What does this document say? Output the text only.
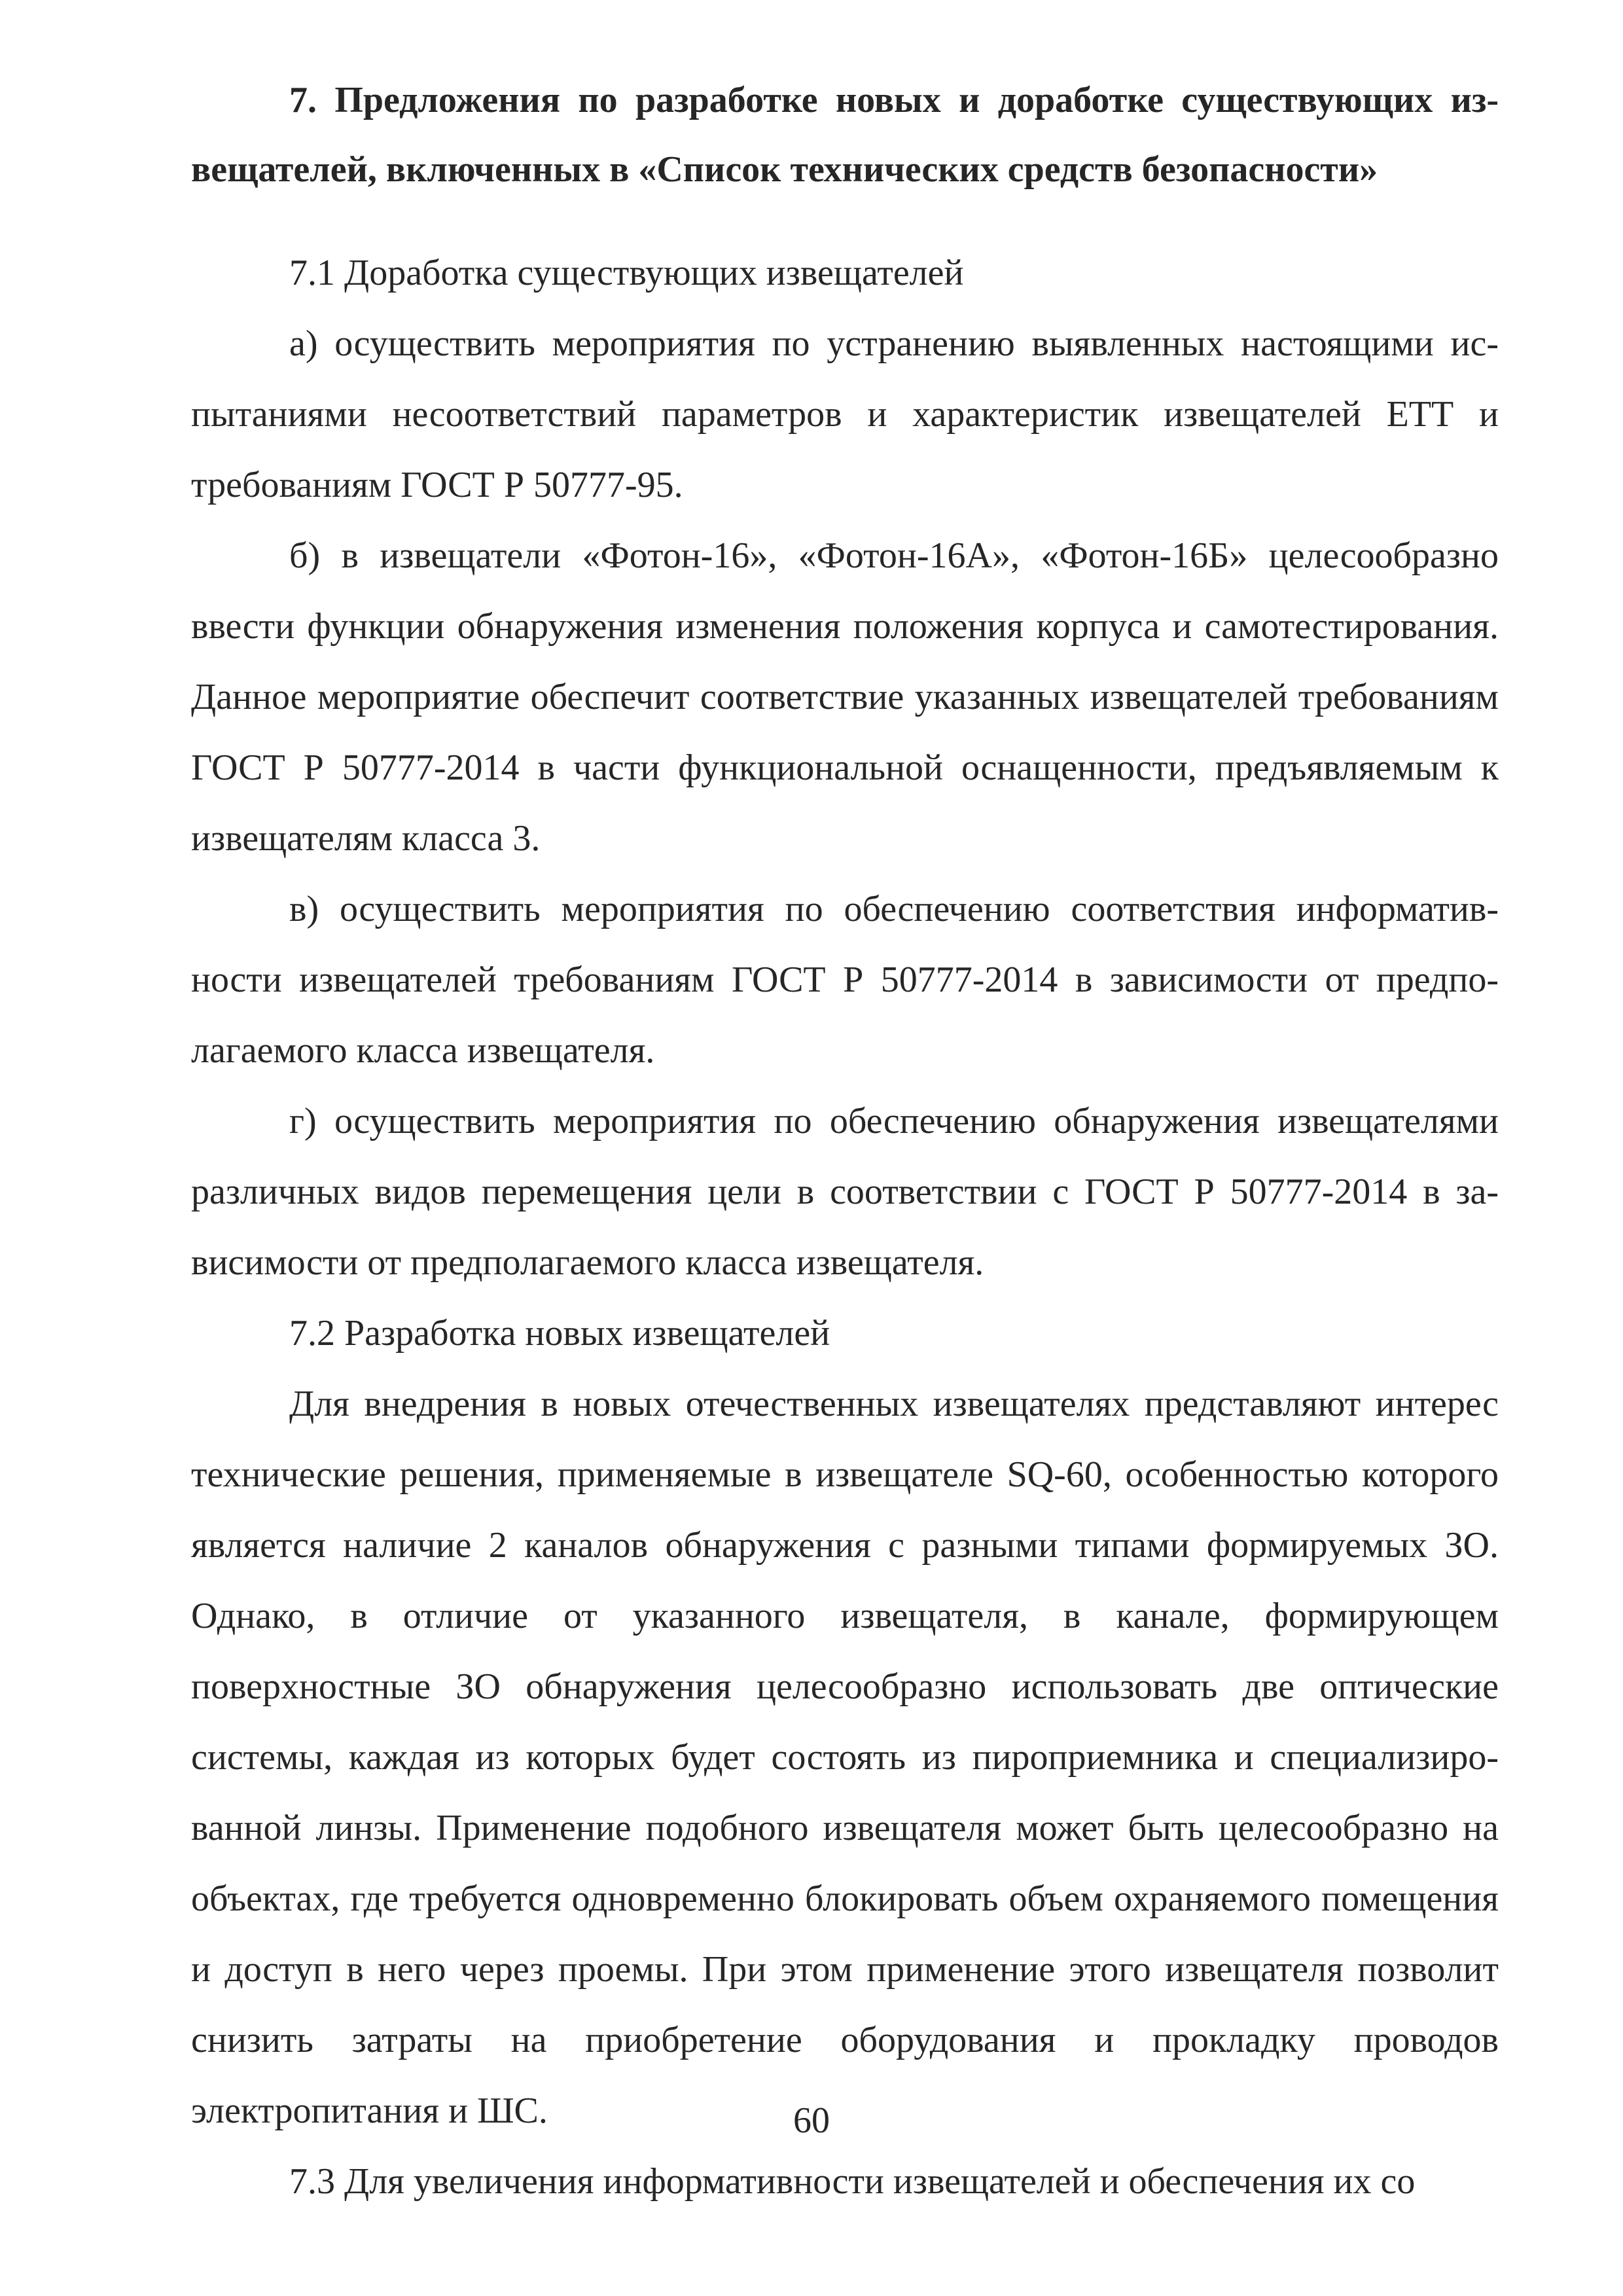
7. Предложения по разработке новых и доработке существующих извещателей, включенных в «Список технических средств безопасности»

7.1 Доработка существующих извещателей

а) осуществить мероприятия по устранению выявленных настоящими испытаниями несоответствий параметров и характеристик извещателей ЕТТ и требованиям ГОСТ Р 50777-95.

б) в извещатели «Фотон-16», «Фотон-16А», «Фотон-16Б» целесообразно ввести функции обнаружения изменения положения корпуса и самотестирования. Данное мероприятие обеспечит соответствие указанных извещателей требованиям ГОСТ Р 50777-2014 в части функциональной оснащенности, предъявляемым к извещателям класса 3.

в) осуществить мероприятия по обеспечению соответствия информативности извещателей требованиям ГОСТ Р 50777-2014 в зависимости от предполагаемого класса извещателя.

г) осуществить мероприятия по обеспечению обнаружения извещателями различных видов перемещения цели в соответствии с ГОСТ Р 50777-2014 в зависимости от предполагаемого класса извещателя.

7.2 Разработка новых извещателей

Для внедрения в новых отечественных извещателях представляют интерес технические решения, применяемые в извещателе SQ-60, особенностью которого является наличие 2 каналов обнаружения с разными типами формируемых ЗО. Однако, в отличие от указанного извещателя, в канале, формирующем поверхностные ЗО обнаружения целесообразно использовать две оптические системы, каждая из которых будет состоять из пироприемника и специализированной линзы. Применение подобного извещателя может быть целесообразно на объектах, где требуется одновременно блокировать объем охраняемого помещения и доступ в него через проемы. При этом применение этого извещателя позволит снизить затраты на приобретение оборудования и прокладку проводов электропитания и ШС.

7.3 Для увеличения информативности извещателей и обеспечения их со

60
